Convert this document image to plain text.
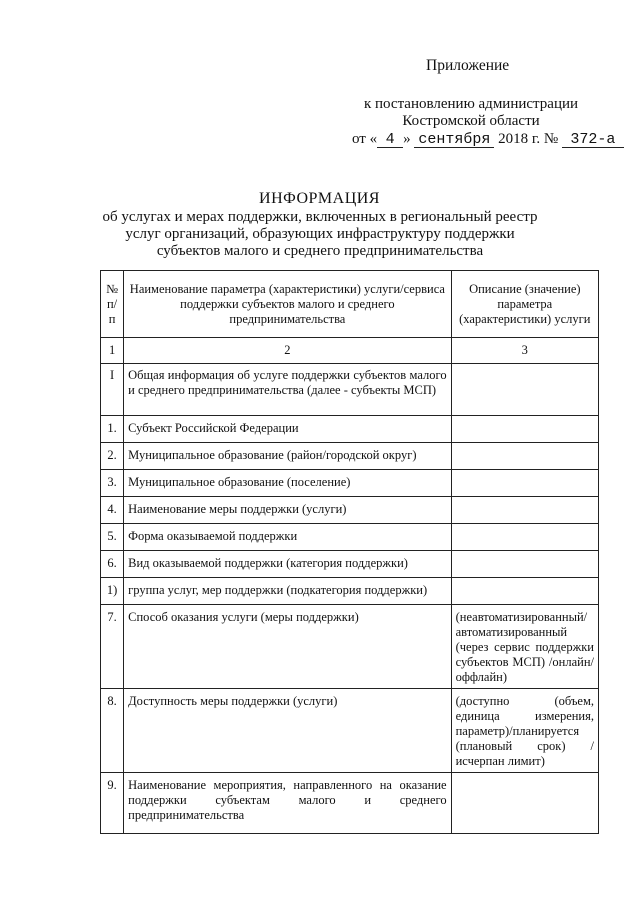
Приложение
к постановлению администрации
Костромской области
от « 4 » сентября 2018 г. № 372-а
ИНФОРМАЦИЯ
об услугах и мерах поддержки, включенных в региональный реестр услуг организаций, образующих инфраструктуру поддержки субъектов малого и среднего предпринимательства
№ п/п	Наименование параметра (характеристики) услуги/сервиса поддержки субъектов малого и среднего предпринимательства	Описание (значение) параметра (характеристики) услуги
1	2	3
I	Общая информация об услуге поддержки субъектов малого и среднего предпринимательства (далее - субъекты МСП)	
1.	Субъект Российской Федерации	
2.	Муниципальное образование (район/городской округ)	
3.	Муниципальное образование (поселение)	
4.	Наименование меры поддержки (услуги)	
5.	Форма оказываемой поддержки	
6.	Вид оказываемой поддержки (категория поддержки)	
1)	группа услуг, мер поддержки (подкатегория поддержки)	
7.	Способ оказания услуги (меры поддержки)	(неавтоматизированный/ автоматизированный (через сервис поддержки субъектов МСП) /онлайн/оффлайн)
8.	Доступность меры поддержки (услуги)	(доступно (объем, единица измерения, параметр)/планируется (плановый срок) /исчерпан лимит)
9.	Наименование мероприятия, направленного на оказание поддержки субъектам малого и среднего предпринимательства	
